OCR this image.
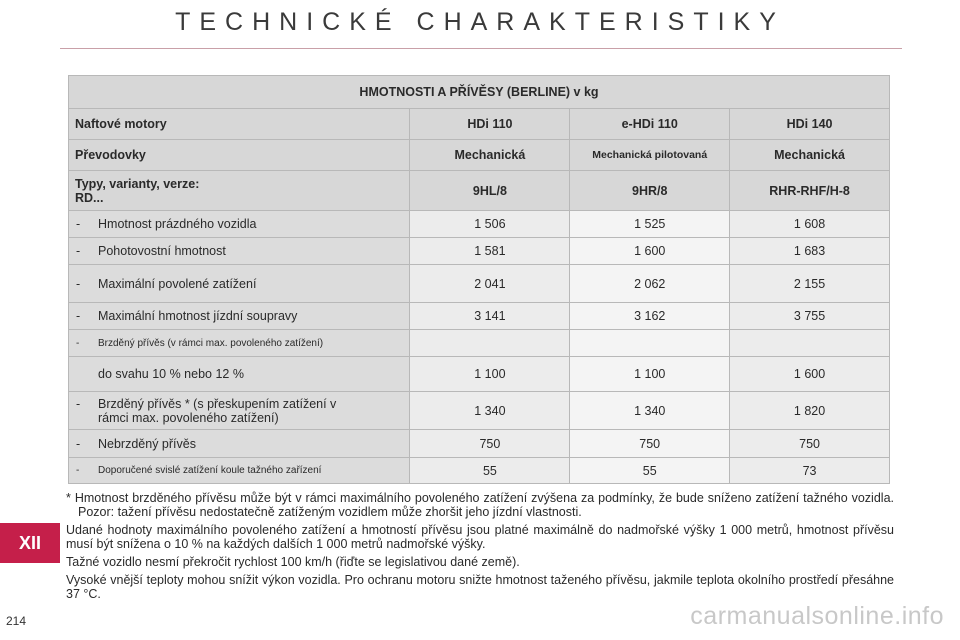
TECHNICKÉ CHARAKTERISTIKY
HMOTNOSTI A PŘÍVĚSY (BERLINE) v kg			
Naftové motory	HDi 110	e-HDi 110	HDi 140
Převodovky	Mechanická	Mechanická pilotovaná	Mechanická

Typy, varianty, verze:
RD...	9HL/8	9HR/8	RHR-RHF/H-8
- Hmotnost prázdného vozidla	1 506	1 525	1 608
- Pohotovostní hmotnost	1 581	1 600	1 683
- Maximální povolené zatížení	2 041	2 062	2 155
- Maximální hmotnost jízdní soupravy	3 141	3 162	3 755
- Brzděný přívěs (v rámci max. povoleného zatížení)			
do svahu 10 % nebo 12 %	1 100	1 100	1 600
- Brzděný přívěs * (s přeskupením zatížení v
rámci max. povoleného zatížení)	1 340	1 340	1 820
- Nebrzděný přívěs	750	750	750
- Doporučené svislé zatížení koule tažného zařízení	55	55	73

* Hmotnost brzděného přívěsu může být v rámci maximálního povoleného zatížení zvýšena za podmínky, že bude sníženo zatížení tažného vozidla. Pozor: tažení přívěsu nedostatečně zatíženým vozidlem může zhoršit jeho jízdní vlastnosti.

Udané hodnoty maximálního povoleného zatížení a hmotností přívěsu jsou platné maximálně do nadmořské výšky 1 000 metrů, hmotnost přívěsu musí být snížena o 10 % na každých dalších 1 000 metrů nadmořské výšky.

Tažné vozidlo nesmí překročit rychlost 100 km/h (řiďte se legislativou dané země).

Vysoké vnější teploty mohou snížit výkon vozidla. Pro ochranu motoru snižte hmotnost taženého přívěsu, jakmile teplota okolního prostředí přesáhne 37 °C.

XII
214	carmanualsonline.info
